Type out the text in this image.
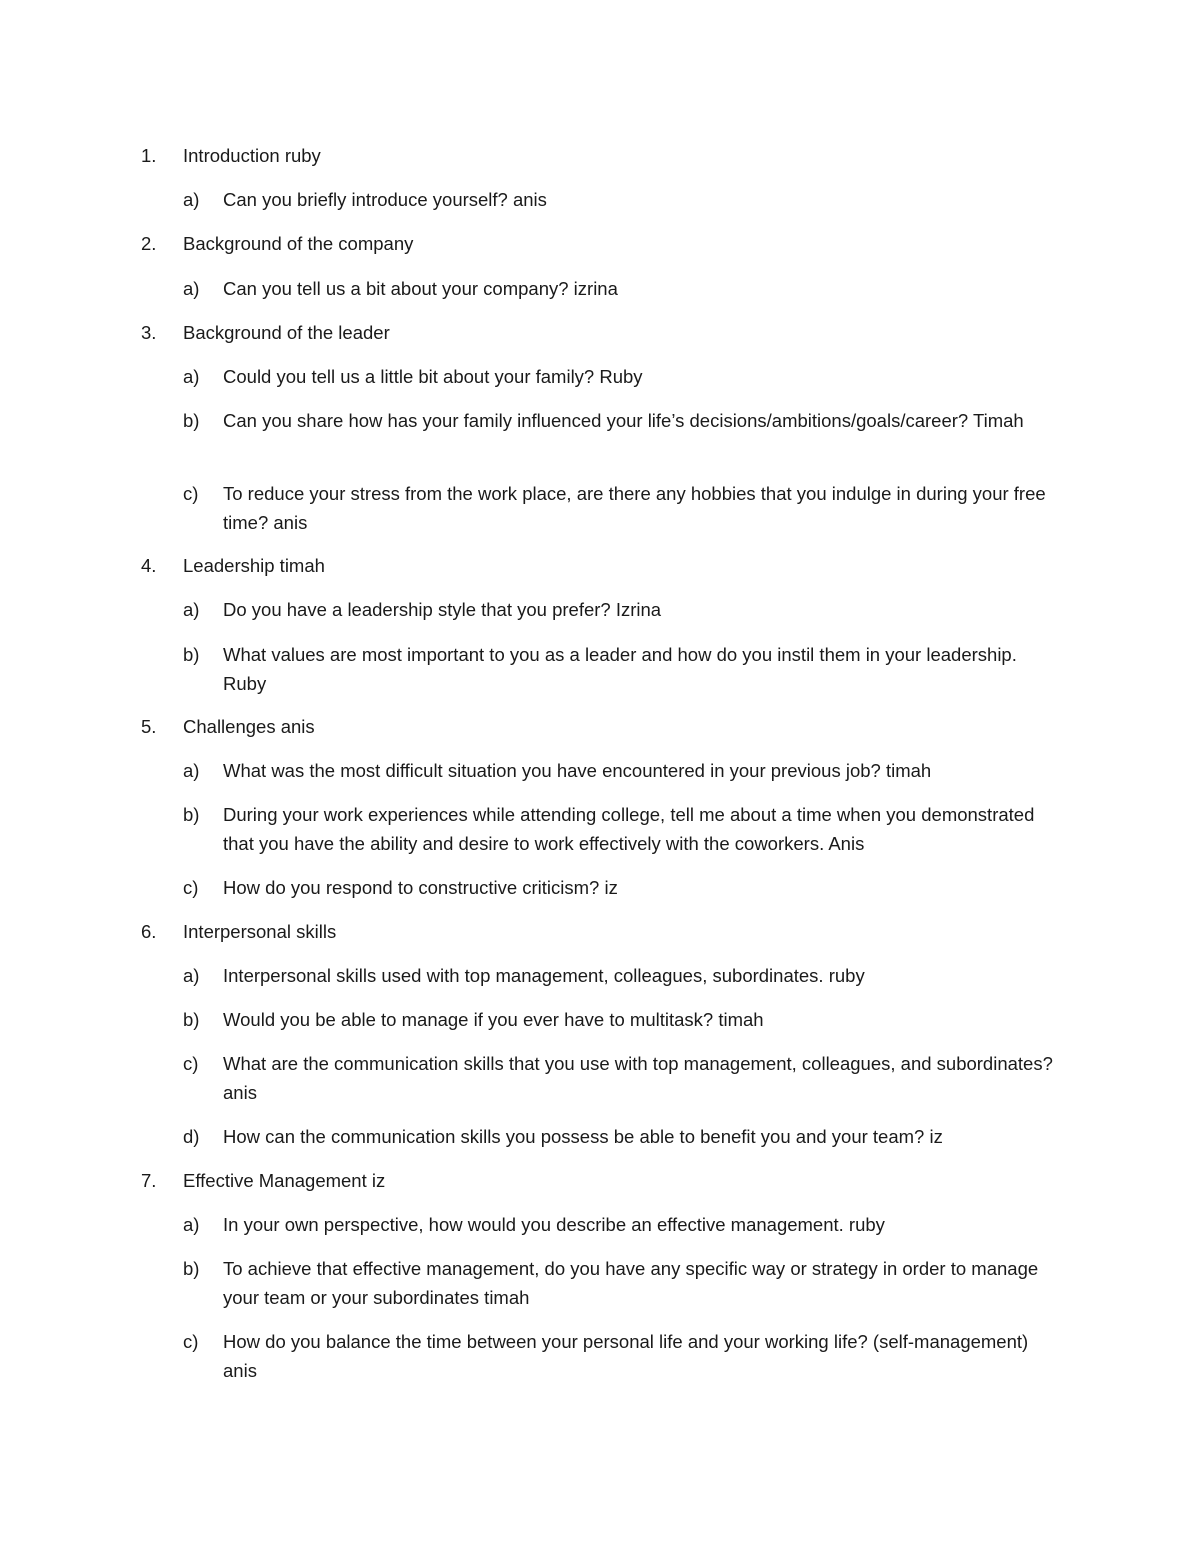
1. Introduction ruby
a) Can you briefly introduce yourself? anis
2. Background of the company
a) Can you tell us a bit about your company? izrina
3. Background of the leader
a) Could you tell us a little bit about your family? Ruby
b) Can you share how has your family influenced your life’s decisions/ambitions/goals/career? Timah
c) To reduce your stress from the work place, are there any hobbies that you indulge in during your free time? anis
4. Leadership timah
a) Do you have a leadership style that you prefer? Izrina
b) What values are most important to you as a leader and how do you instil them in your leadership. Ruby
5. Challenges anis
a) What was the most difficult situation you have encountered in your previous job? timah
b) During your work experiences while attending college, tell me about a time when you demonstrated that you have the ability and desire to work effectively with the coworkers. Anis
c) How do you respond to constructive criticism? iz
6. Interpersonal skills
a) Interpersonal skills used with top management, colleagues, subordinates. ruby
b) Would you be able to manage if you ever have to multitask? timah
c) What are the communication skills that you use with top management, colleagues, and subordinates? anis
d) How can the communication skills you possess be able to benefit you and your team? iz
7. Effective Management iz
a) In your own perspective, how would you describe an effective management. ruby
b) To achieve that effective management, do you have any specific way or strategy in order to manage your team or your subordinates timah
c) How do you balance the time between your personal life and your working life? (self-management) anis
